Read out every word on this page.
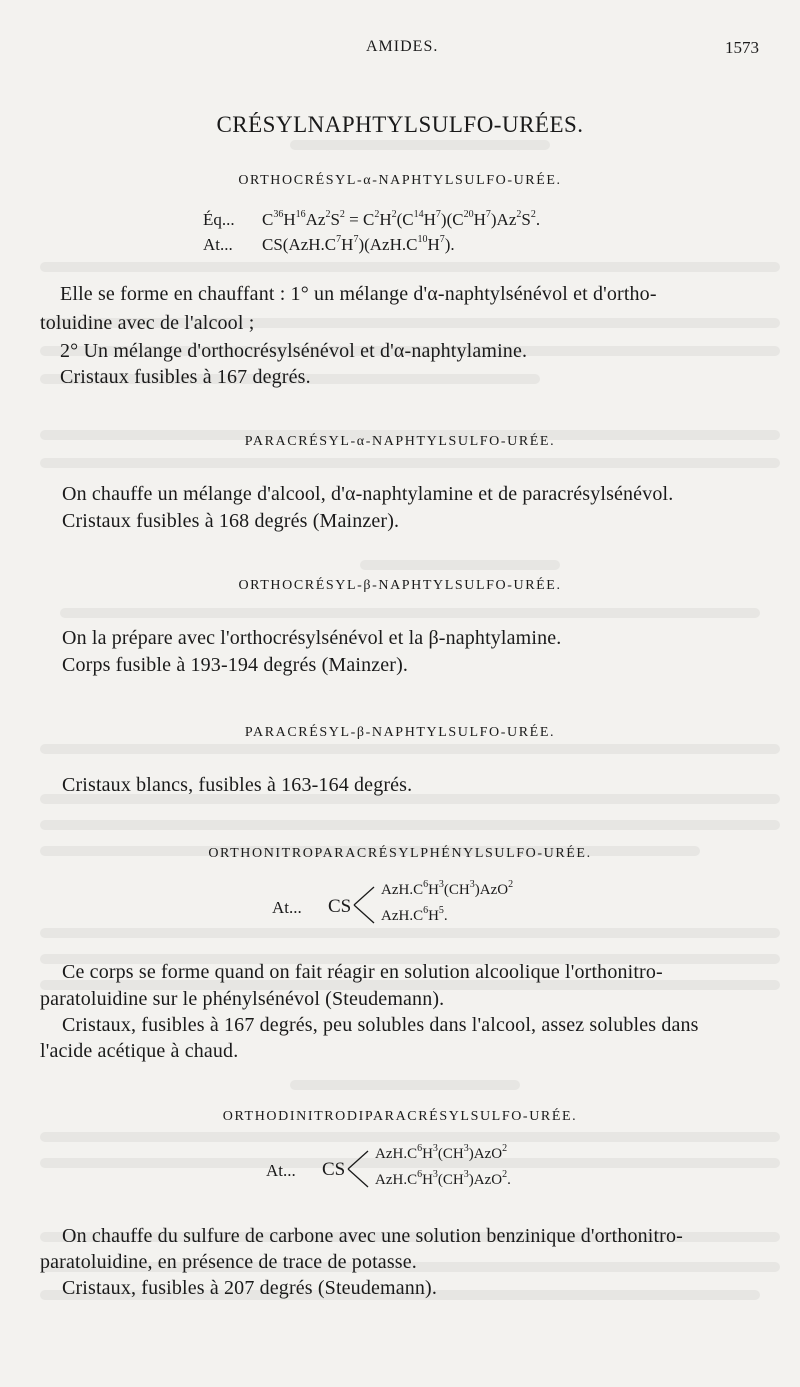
AMIDES.	1573
CRÉSYLNAPHTYLSULFO-URÉES.
ORTHOCRÉSYL-α-NAPHTYLSULFO-URÉE.
Éq... $C^{36}H^{16}Az^2S^2 = C^2H^2(C^{14}H^7)(C^{20}H^7)Az^2S^2$.
At... $CS(AzH.C^7H^7)(AzH.C^{10}H^7)$.
Elle se forme en chauffant : 1° un mélange d'α-naphtylsénévol et d'ortho-
toluidine avec de l'alcool ;
2° Un mélange d'orthocrésylsénévol et d'α-naphtylamine.
Cristaux fusibles à 167 degrés.
PARACRÉSYL-α-NAPHTYLSULFO-URÉE.
On chauffe un mélange d'alcool, d'α-naphtylamine et de paracrésylsénévol.
Cristaux fusibles à 168 degrés (Mainzer).
ORTHOCRÉSYL-β-NAPHTYLSULFO-URÉE.
On la prépare avec l'orthocrésylsénévol et la β-naphtylamine.
Corps fusible à 193-194 degrés (Mainzer).
PARACRÉSYL-β-NAPHTYLSULFO-URÉE.
Cristaux blancs, fusibles à 163-164 degrés.
ORTHONITROPARACRÉSYLPHÉNYLSULFO-URÉE.
At... CS
$AzH.C^6H^3(CH^3)AzO^2$
$AzH.C^6H^5$.
Ce corps se forme quand on fait réagir en solution alcoolique l'orthonitro-
paratoluidine sur le phénylsénévol (Steudemann).
Cristaux, fusibles à 167 degrés, peu solubles dans l'alcool, assez solubles dans
l'acide acétique à chaud.
ORTHODINITRODIPARACRÉSYLSULFO-URÉE.
At... CS
$AzH.C^6H^3(CH^3)AzO^2$
$AzH.C^6H^3(CH^3)AzO^2$.
On chauffe du sulfure de carbone avec une solution benzinique d'orthonitro-
paratoluidine, en présence de trace de potasse.
Cristaux, fusibles à 207 degrés (Steudemann).
